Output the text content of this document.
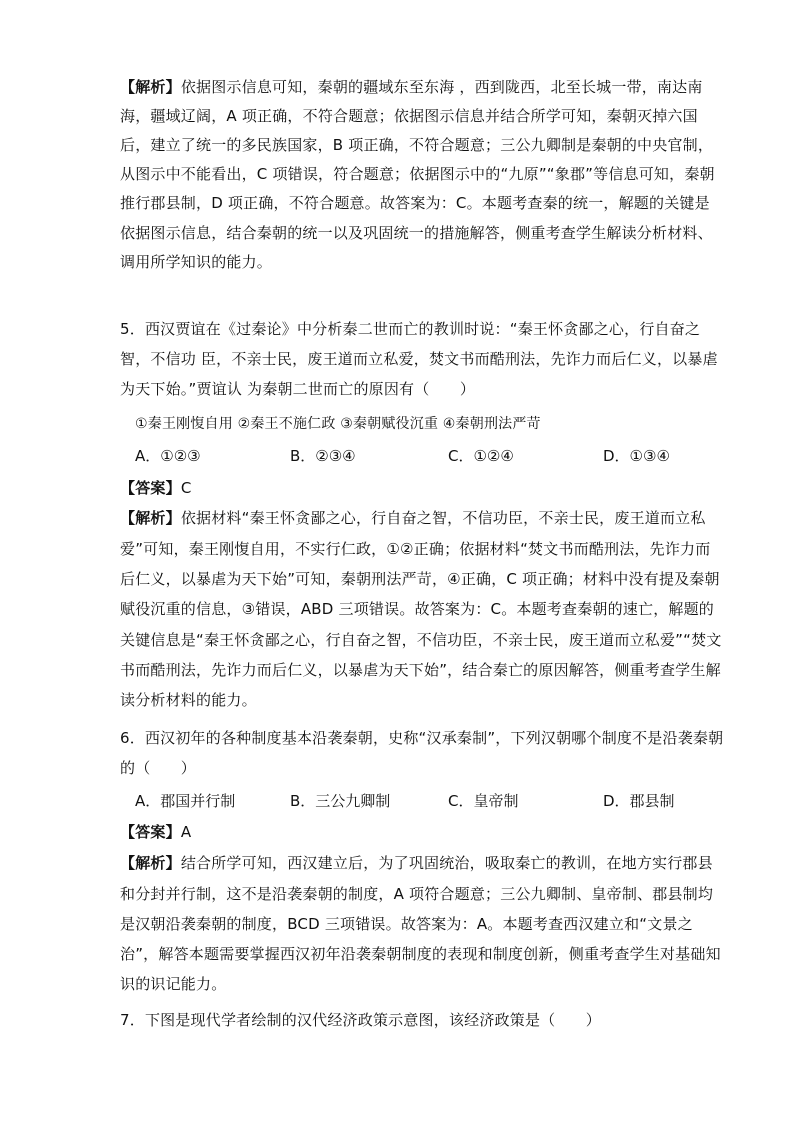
【解析】依据图示信息可知，秦朝的疆域东至东海 ，西到陇西，北至长城一带，南达南
海，疆域辽阔，A 项正确，不符合题意；依据图示信息并结合所学可知，秦朝灭掉六国
后，建立了统一的多民族国家，B 项正确，不符合题意；三公九卿制是秦朝的中央官制，
从图示中不能看出，C 项错误，符合题意；依据图示中的“九原”“象郡”等信息可知，秦朝
推行郡县制，D 项正确，不符合题意。故答案为：C。本题考查秦的统一，解题的关键是
依据图示信息，结合秦朝的统一以及巩固统一的措施解答，侧重考查学生解读分析材料、
调用所学知识的能力。
5．西汉贾谊在《过秦论》中分析秦二世而亡的教训时说：“秦王怀贪鄙之心，行自奋之
智，不信功 臣，不亲士民，废王道而立私爱，焚文书而酷刑法，先诈力而后仁义，以暴虐
为天下始。”贾谊认 为秦朝二世而亡的原因有（　　）
①秦王刚愎自用 ②秦王不施仁政 ③秦朝赋役沉重 ④秦朝刑法严苛
A．①②③	B．②③④	C．①②④	D．①③④
【答案】C
【解析】依据材料“秦王怀贪鄙之心，行自奋之智，不信功臣，不亲士民，废王道而立私
爱”可知，秦王刚愎自用，不实行仁政，①②正确；依据材料“焚文书而酷刑法，先诈力而
后仁义，以暴虐为天下始”可知，秦朝刑法严苛，④正确，C 项正确；材料中没有提及秦朝
赋役沉重的信息，③错误，ABD 三项错误。故答案为：C。本题考查秦朝的速亡，解题的
关键信息是“秦王怀贪鄙之心，行自奋之智，不信功臣，不亲士民，废王道而立私爱”“焚文
书而酷刑法，先诈力而后仁义，以暴虐为天下始”，结合秦亡的原因解答，侧重考查学生解
读分析材料的能力。
6．西汉初年的各种制度基本沿袭秦朝，史称“汉承秦制”，下列汉朝哪个制度不是沿袭秦朝
的（　　）
A．郡国并行制	B．三公九卿制	C．皇帝制	D．郡县制
【答案】A
【解析】结合所学可知，西汉建立后，为了巩固统治，吸取秦亡的教训，在地方实行郡县
和分封并行制，这不是沿袭秦朝的制度，A 项符合题意；三公九卿制、皇帝制、郡县制均
是汉朝沿袭秦朝的制度，BCD 三项错误。故答案为：A。本题考查西汉建立和“文景之
治”，解答本题需要掌握西汉初年沿袭秦朝制度的表现和制度创新，侧重考查学生对基础知
识的识记能力。
7．下图是现代学者绘制的汉代经济政策示意图，该经济政策是（　　）
